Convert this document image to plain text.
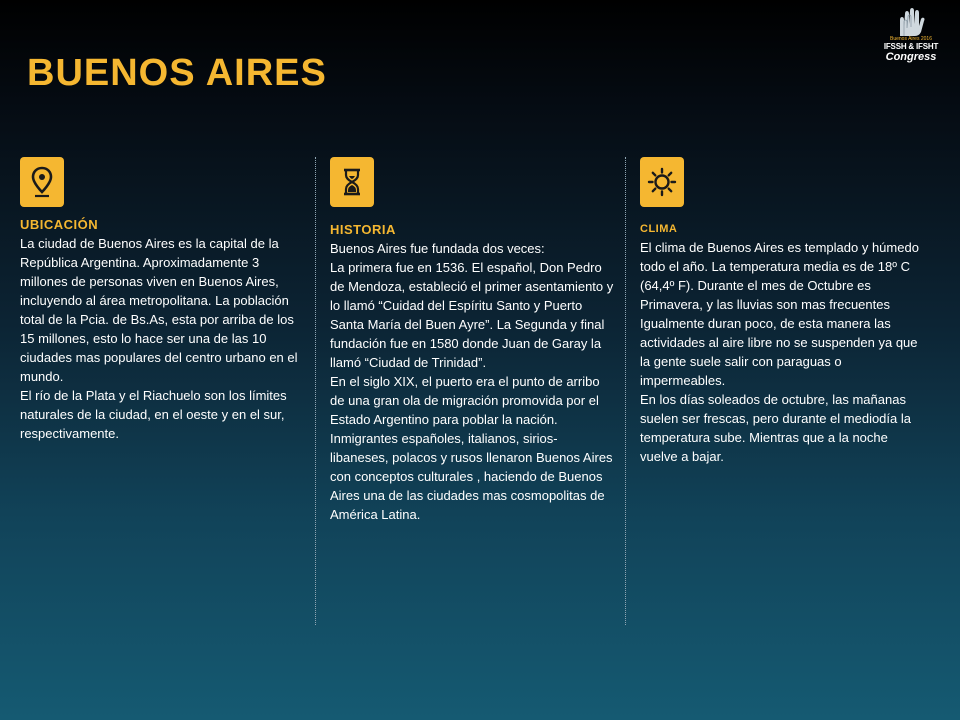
BUENOS AIRES
Buenos Aires 2016
IFSSH & IFSHT
Congress
UBICACIÓN

La ciudad de Buenos Aires es la capital de la República Argentina. Aproximadamente 3 millones de personas viven en Buenos Aires, incluyendo al área metropolitana. La población total de la Pcia. de Bs.As, esta por arriba de los 15 millones, esto lo hace ser una de las 10 ciudades mas populares del centro urbano en el mundo.

El río de la Plata y el Riachuelo son los límites naturales de la ciudad, en el oeste y en el sur, respectivamente.

HISTORIA

Buenos Aires fue fundada dos veces:

La primera fue en 1536. El español, Don Pedro de Mendoza, estableció el primer asentamiento y lo llamó “Cuidad del Espíritu Santo y Puerto Santa María del Buen Ayre”. La Segunda y final fundación fue en 1580 donde Juan de Garay la llamó “Ciudad de Trinidad”.

En el siglo XIX, el puerto era el punto de arribo de una gran ola de migración promovida por el Estado Argentino para poblar la nación. Inmigrantes españoles, italianos, sirios-libaneses, polacos y rusos llenaron Buenos Aires con conceptos culturales , haciendo de Buenos Aires una de las ciudades mas cosmopolitas de América Latina.

CLIMA

El clima de Buenos Aires es templado y húmedo todo el año. La temperatura media es de 18º C (64,4º F). Durante el mes de Octubre es Primavera, y las lluvias son mas frecuentes Igualmente duran poco, de esta manera las actividades al aire libre no se suspenden ya que la gente suele salir con paraguas o impermeables.

En los días soleados de octubre, las mañanas suelen ser frescas, pero durante el mediodía la temperatura sube. Mientras que a la noche vuelve a bajar.
